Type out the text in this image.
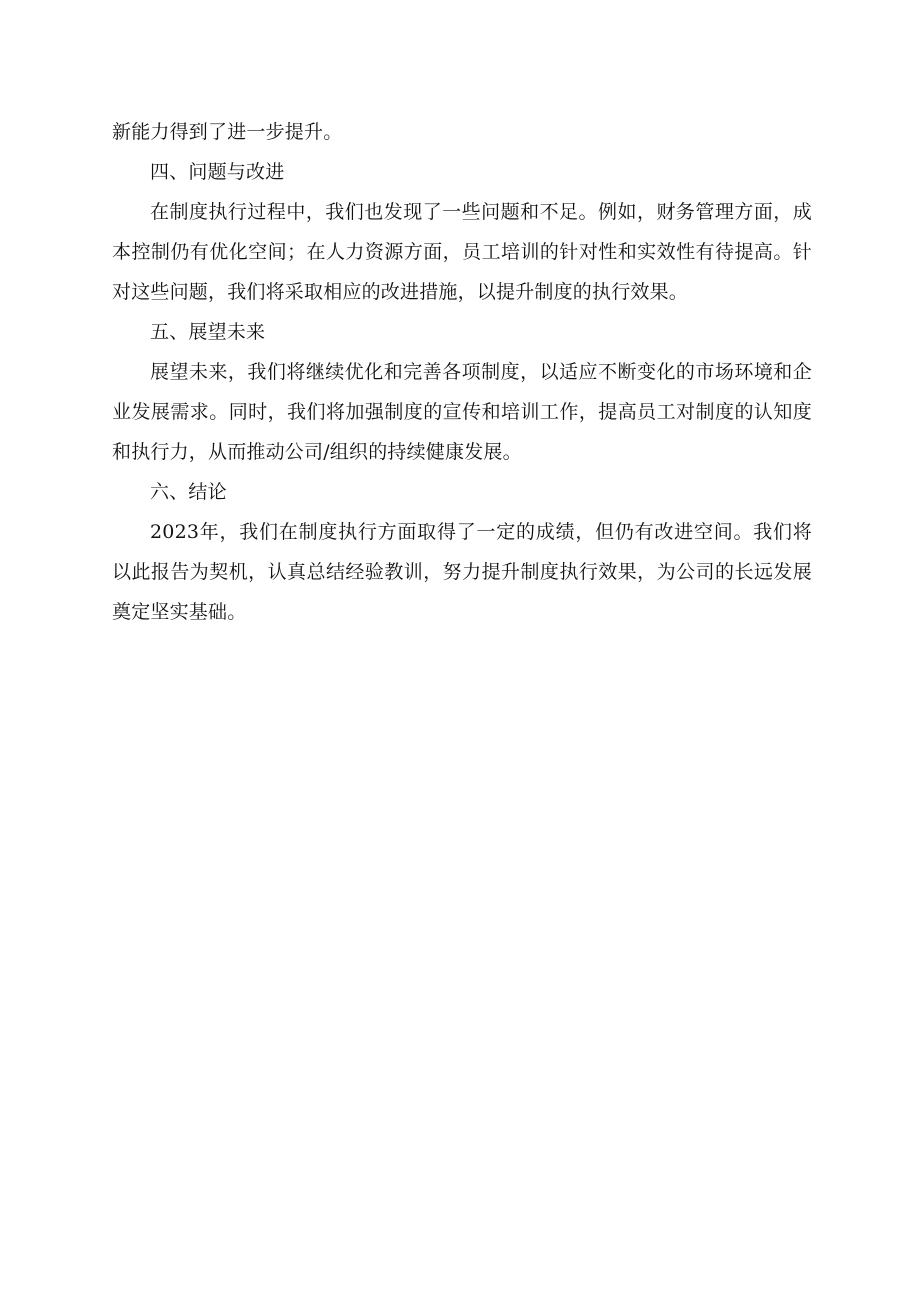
新能力得到了进一步提升。

四、问题与改进

在制度执行过程中，我们也发现了一些问题和不足。例如，财务管理方面，成本控制仍有优化空间；在人力资源方面，员工培训的针对性和实效性有待提高。针对这些问题，我们将采取相应的改进措施，以提升制度的执行效果。

五、展望未来

展望未来，我们将继续优化和完善各项制度，以适应不断变化的市场环境和企业发展需求。同时，我们将加强制度的宣传和培训工作，提高员工对制度的认知度和执行力，从而推动公司/组织的持续健康发展。

六、结论

2023年，我们在制度执行方面取得了一定的成绩，但仍有改进空间。我们将以此报告为契机，认真总结经验教训，努力提升制度执行效果，为公司的长远发展奠定坚实基础。
